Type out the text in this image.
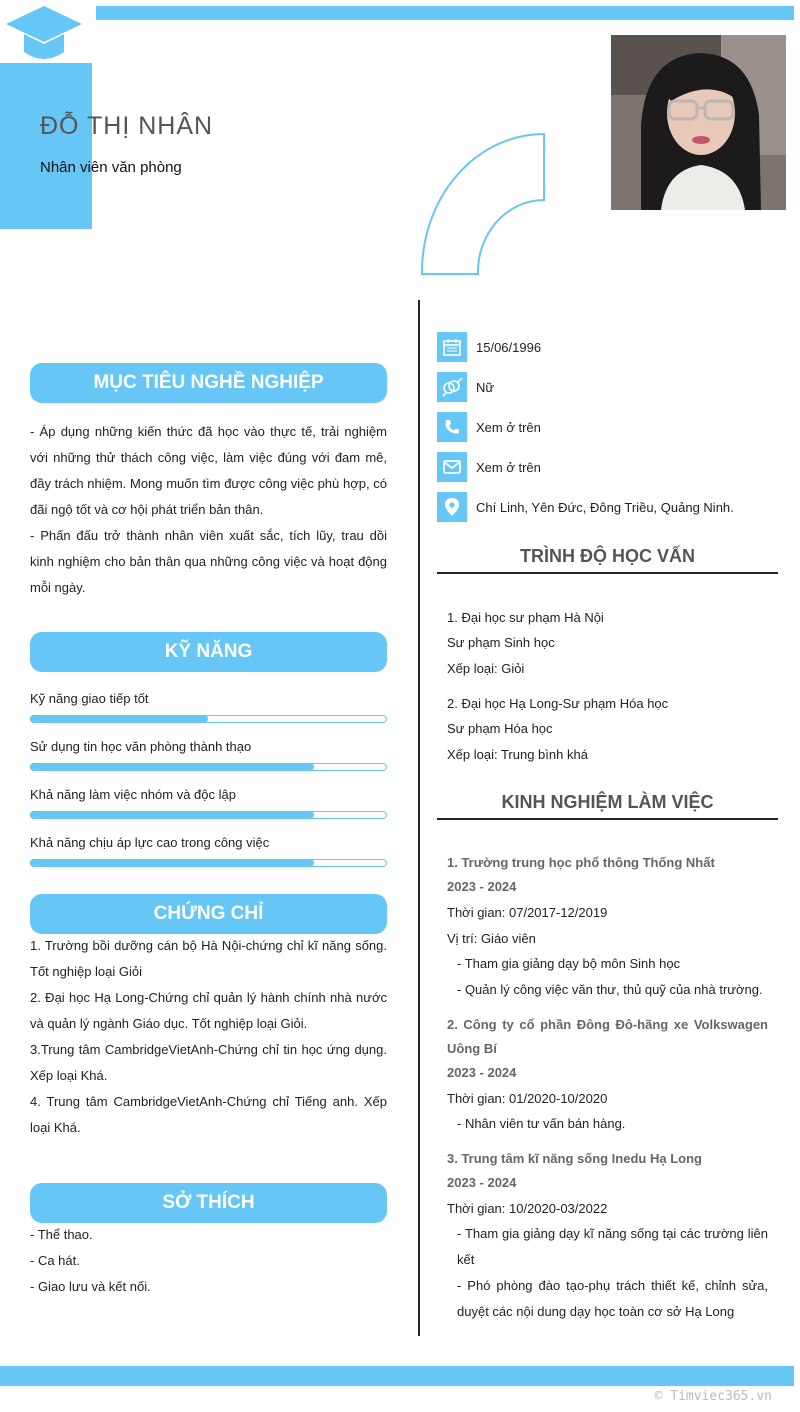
ĐỖ THỊ NHÂN
Nhân viên văn phòng
MỤC TIÊU NGHỀ NGHIỆP

- Áp dụng những kiến thức đã học vào thực tế, trải nghiệm với những thử thách công việc, làm việc đúng với đam mê, đầy trách nhiệm. Mong muốn tìm được công việc phù hợp, có đãi ngộ tốt và cơ hội phát triển bản thân.

- Phấn đấu trở thành nhân viên xuất sắc, tích lũy, trau dồi kinh nghiệm cho bản thân qua những công việc và hoạt động mỗi ngày.

KỸ NĂNG
Kỹ năng giao tiếp tốt
Sử dụng tin học văn phòng thành thạo
Khả năng làm việc nhóm và độc lập
Khả năng chịu áp lực cao trong công việc
CHỨNG CHỈ

1. Trường bồi dưỡng cán bộ Hà Nội-chứng chỉ kĩ năng sống. Tốt nghiệp loại Giỏi

2. Đại học Hạ Long-Chứng chỉ quản lý hành chính nhà nước và quản lý ngành Giáo dục. Tốt nghiệp loại Giỏi.

3.Trung tâm CambridgeVietAnh-Chứng chỉ tin học ứng dụng. Xếp loại Khá.

4. Trung tâm CambridgeVietAnh-Chứng chỉ Tiếng anh. Xếp loại Khá.

SỞ THÍCH

- Thể thao.

- Ca hát.

- Giao lưu và kết nối.

15/06/1996
Nữ
Xem ở trên
Xem ở trên
Chí Linh, Yên Đức, Đông Triều, Quảng Ninh.
TRÌNH ĐỘ HỌC VẤN
1. Đại học sư phạm Hà Nội
Sư phạm Sinh học
Xếp loại: Giỏi
2. Đại học Hạ Long-Sư phạm Hóa học
Sư phạm Hóa học
Xếp loại: Trung bình khá
KINH NGHIỆM LÀM VIỆC
1. Trường trung học phổ thông Thống Nhất
2023 - 2024
Thời gian: 07/2017-12/2019
Vị trí: Giáo viên
- Tham gia giảng dạy bộ môn Sinh học
- Quản lý công việc văn thư, thủ quỹ của nhà trường.
2. Công ty cổ phần Đông Đô-hãng xe Volkswagen Uông Bí
2023 - 2024
Thời gian: 01/2020-10/2020
- Nhân viên tư vấn bán hàng.
3. Trung tâm kĩ năng sống Inedu Hạ Long
2023 - 2024
Thời gian: 10/2020-03/2022
- Tham gia giảng dạy kĩ năng sống tại các trường liên kết
- Phó phòng đào tạo-phụ trách thiết kế, chỉnh sửa, duyệt các nội dung dạy học toàn cơ sở Hạ Long
© Timviec365.vn
